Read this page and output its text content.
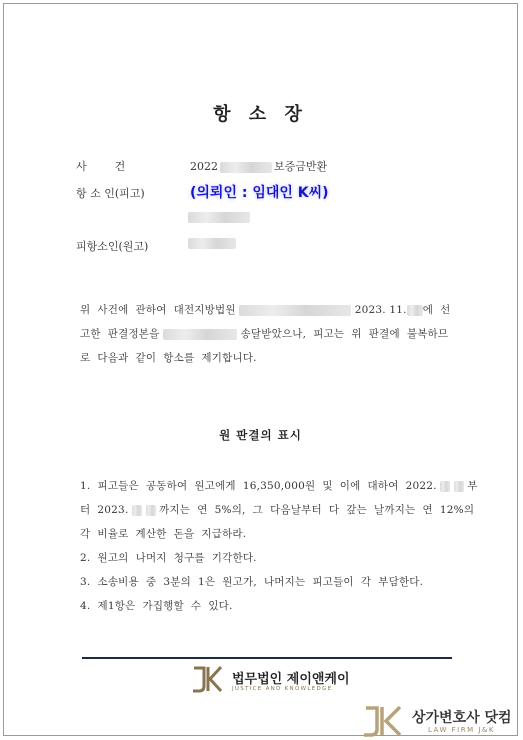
항 소 장
사        건	2022	보증금반환
항 소 인(피고)	(의뢰인 : 임대인 K씨)
피항소인(원고)
위  사건에  관하여  대전지방법원	2023. 11. 에  선
고한  판결정본을	송달받았으나,  피고는  위  판결에  불복하므
로  다음과  같이  항소를  제기합니다.
원 판결의 표시
1.  피고들은  공동하여  원고에게  16,350,000원  및  이에  대하여  2022.	부
터  2023.	까지는  연  5%의,  그  다음날부터  다  갚는  날까지는  연  12%의
각  비율로  계산한  돈을  지급하라.
2.  원고의  나머지  청구를  기각한다.
3.  소송비용  중  3분의  1은  원고가,  나머지는  피고들이  각  부담한다.
4.  제1항은  가집행할  수  있다.
법무법인 제이앤케이
JUSTICE AND KNOWLEDGE
상가변호사 닷컴
LAW FIRM J&K
